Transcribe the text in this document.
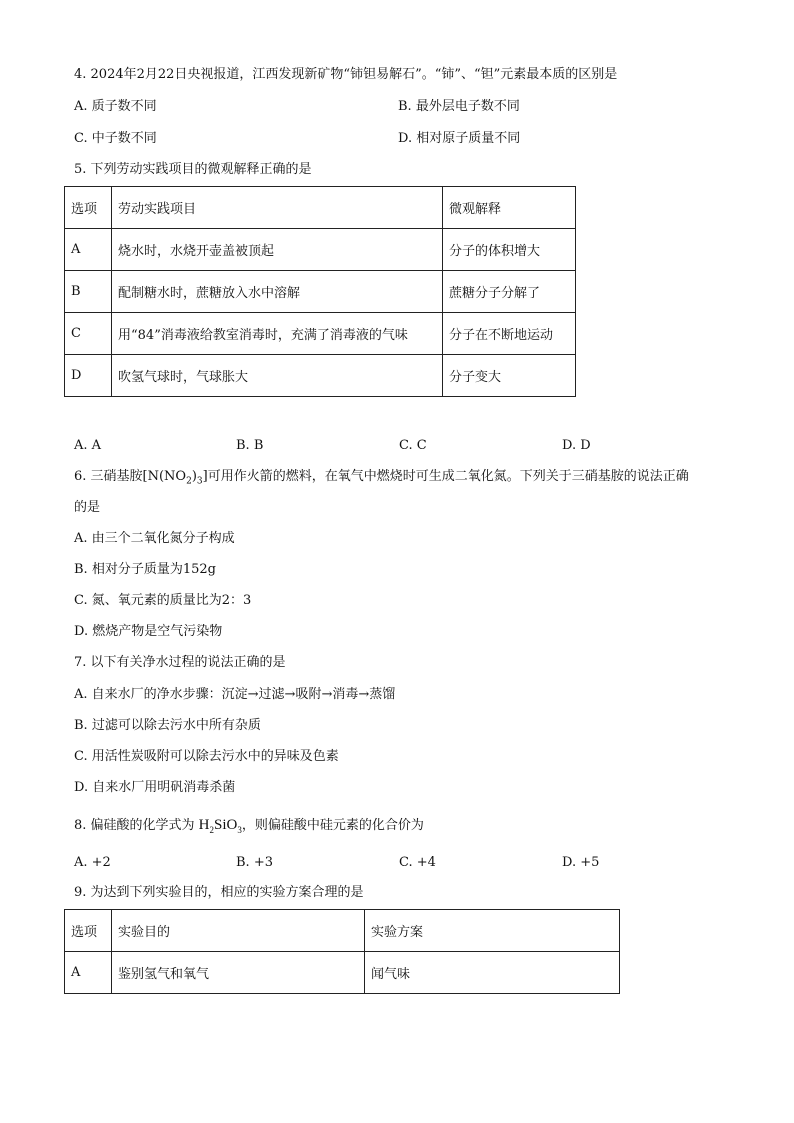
4. 2024年2月22日央视报道，江西发现新矿物“铈钽易解石”。“铈”、“钽”元素最本质的区别是
A. 质子数不同	B. 最外层电子数不同
C. 中子数不同	D. 相对原子质量不同
5. 下列劳动实践项目的微观解释正确的是
选项	劳动实践项目	微观解释
A	烧水时，水烧开壶盖被顶起	分子的体积增大
B	配制糖水时，蔗糖放入水中溶解	蔗糖分子分解了
C	用“84”消毒液给教室消毒时，充满了消毒液的气味	分子在不断地运动
D	吹氢气球时，气球胀大	分子变大
A. A	B. B	C. C	D. D
6. 三硝基胺$[N(NO_2)_3]$可用作火箭的燃料，在氧气中燃烧时可生成二氧化氮。下列关于三硝基胺的说法正确
的是
A. 由三个二氧化氮分子构成
B. 相对分子质量为152g
C. 氮、氧元素的质量比为2：3
D. 燃烧产物是空气污染物
7. 以下有关净水过程的说法正确的是
A. 自来水厂的净水步骤：沉淀→过滤→吸附→消毒→蒸馏
B. 过滤可以除去污水中所有杂质
C. 用活性炭吸附可以除去污水中的异味及色素
D. 自来水厂用明矾消毒杀菌
8. 偏硅酸的化学式为 $H_2SiO_3$，则偏硅酸中硅元素的化合价为
A. +2	B. +3	C. +4	D. +5
9. 为达到下列实验目的，相应的实验方案合理的是
选项	实验目的	实验方案
A	鉴别氢气和氧气	闻气味
